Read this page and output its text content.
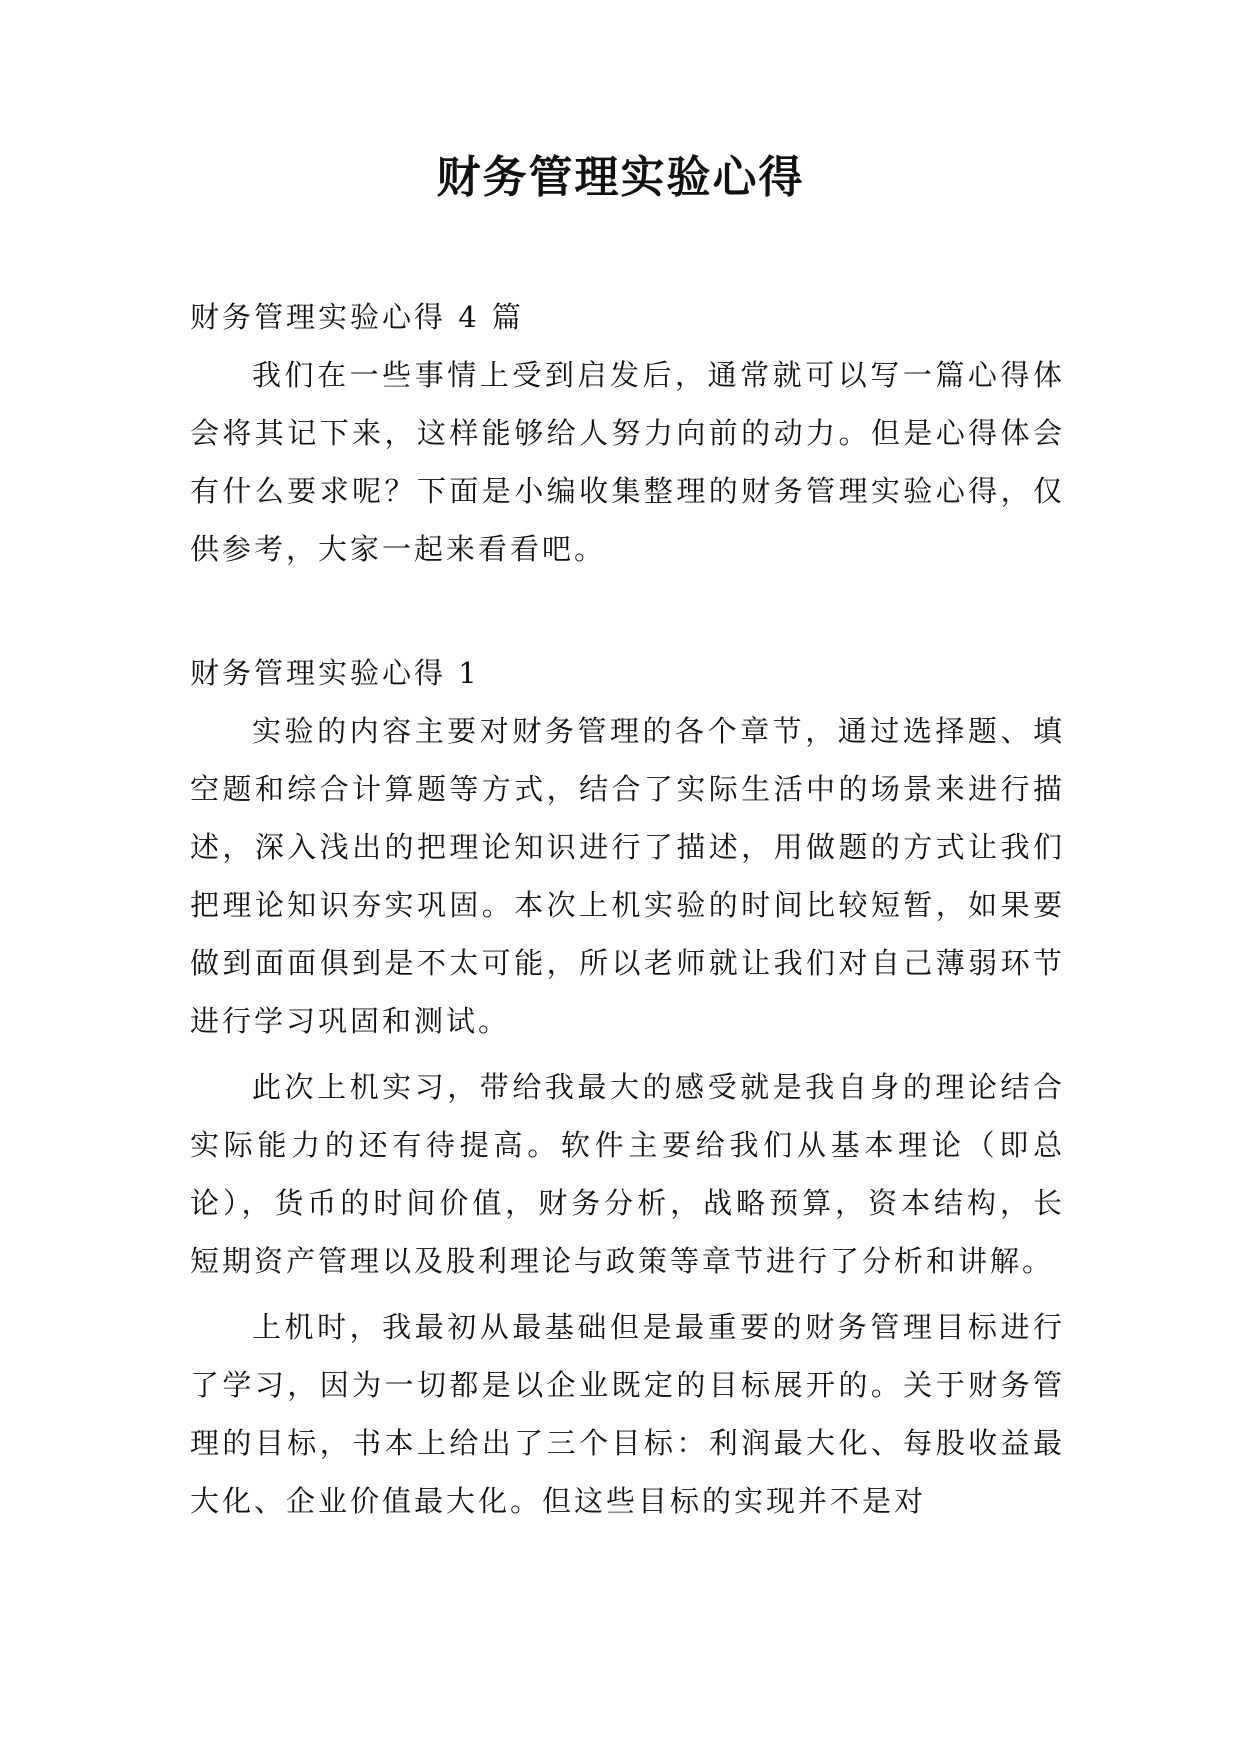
财务管理实验心得

财务管理实验心得 4 篇

我们在一些事情上受到启发后，通常就可以写一篇心得体会将其记下来，这样能够给人努力向前的动力。但是心得体会有什么要求呢？下面是小编收集整理的财务管理实验心得，仅供参考，大家一起来看看吧。

财务管理实验心得 1

实验的内容主要对财务管理的各个章节，通过选择题、填空题和综合计算题等方式，结合了实际生活中的场景来进行描述，深入浅出的把理论知识进行了描述，用做题的方式让我们把理论知识夯实巩固。本次上机实验的时间比较短暂，如果要做到面面俱到是不太可能，所以老师就让我们对自己薄弱环节进行学习巩固和测试。

此次上机实习，带给我最大的感受就是我自身的理论结合实际能力的还有待提高。软件主要给我们从基本理论（即总论），货币的时间价值，财务分析，战略预算，资本结构，长短期资产管理以及股利理论与政策等章节进行了分析和讲解。

上机时，我最初从最基础但是最重要的财务管理目标进行了学习，因为一切都是以企业既定的目标展开的。关于财务管理的目标，书本上给出了三个目标：利润最大化、每股收益最大化、企业价值最大化。但这些目标的实现并不是对
